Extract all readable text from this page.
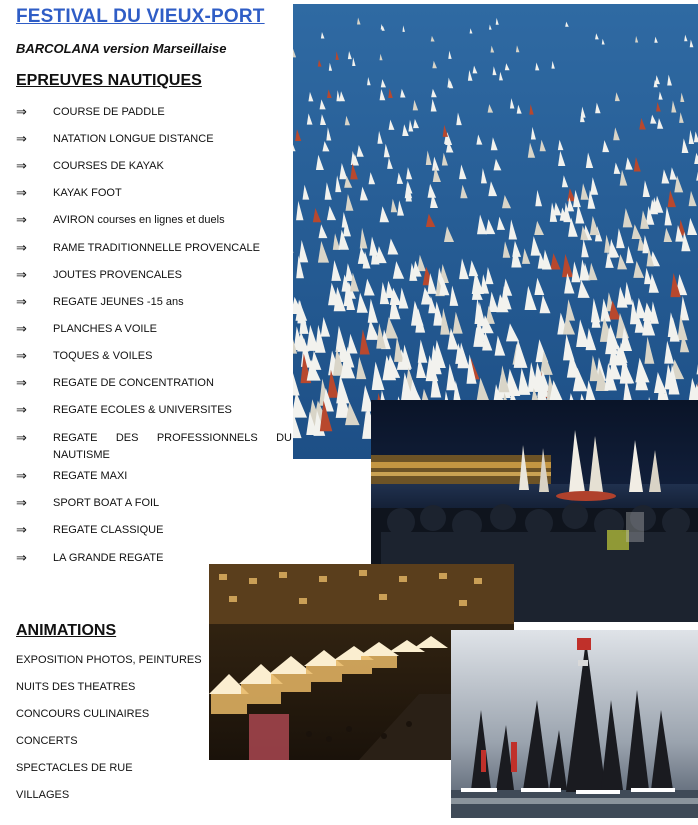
FESTIVAL DU VIEUX-PORT
BARCOLANA version Marseillaise
EPREUVES NAUTIQUES
⇒ COURSE DE PADDLE
⇒ NATATION LONGUE DISTANCE
⇒ COURSES DE KAYAK
⇒ KAYAK FOOT
⇒ AVIRON courses en lignes et duels
⇒ RAME TRADITIONNELLE PROVENCALE
⇒ JOUTES PROVENCALES
⇒ REGATE JEUNES -15 ans
⇒ PLANCHES A VOILE
⇒ TOQUES & VOILES
⇒ REGATE DE CONCENTRATION
⇒ REGATE ECOLES & UNIVERSITES
⇒ REGATE DES PROFESSIONNELS DU NAUTISME
⇒ REGATE MAXI
⇒ SPORT BOAT A FOIL
⇒ REGATE CLASSIQUE
⇒ LA GRANDE REGATE
ANIMATIONS
EXPOSITION PHOTOS, PEINTURES
NUITS DES THEATRES
CONCOURS CULINAIRES
CONCERTS
SPECTACLES DE RUE
VILLAGES
